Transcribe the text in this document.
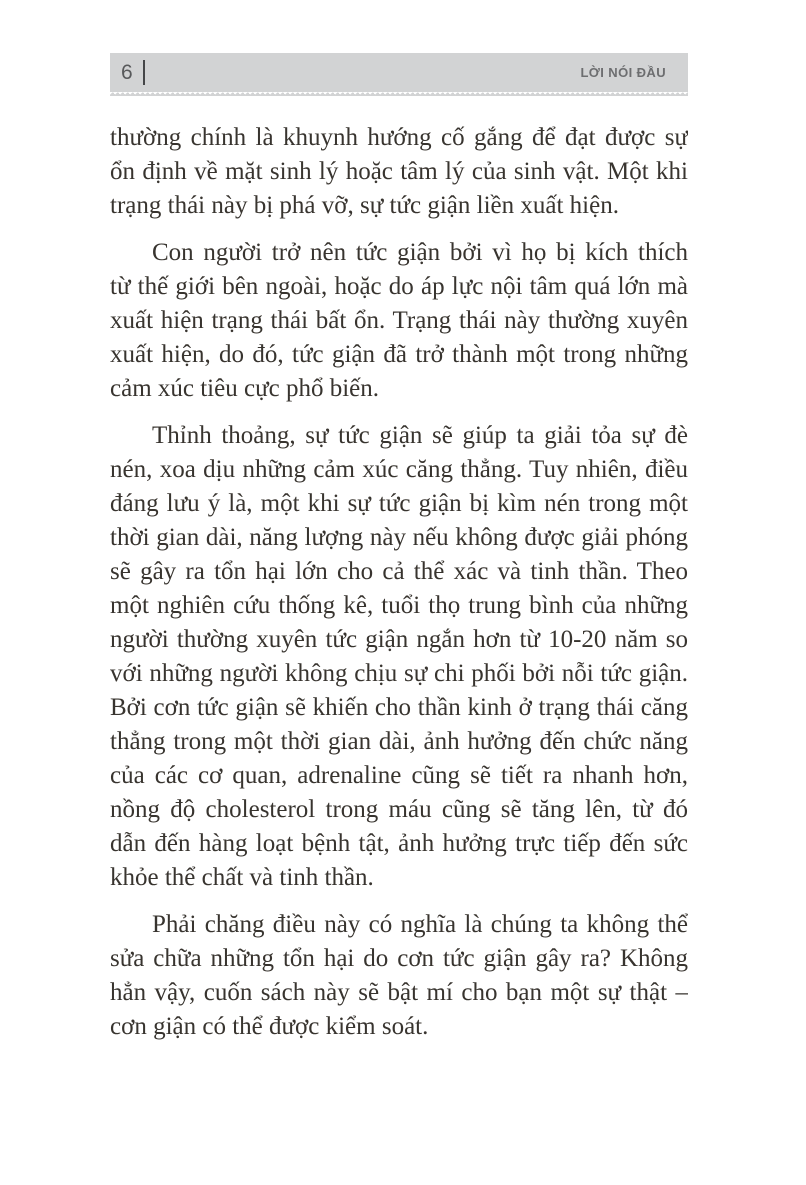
6	LỜI NÓI ĐẦU
thường chính là khuynh hướng cố gắng để đạt được sự
ổn định về mặt sinh lý hoặc tâm lý của sinh vật. Một khi
trạng thái này bị phá vỡ, sự tức giận liền xuất hiện.
Con người trở nên tức giận bởi vì họ bị kích thích
từ thế giới bên ngoài, hoặc do áp lực nội tâm quá lớn mà
xuất hiện trạng thái bất ổn. Trạng thái này thường xuyên
xuất hiện, do đó, tức giận đã trở thành một trong những
cảm xúc tiêu cực phổ biến.
Thỉnh thoảng, sự tức giận sẽ giúp ta giải tỏa sự đè
nén, xoa dịu những cảm xúc căng thẳng. Tuy nhiên, điều
đáng lưu ý là, một khi sự tức giận bị kìm nén trong một
thời gian dài, năng lượng này nếu không được giải phóng
sẽ gây ra tổn hại lớn cho cả thể xác và tinh thần. Theo
một nghiên cứu thống kê, tuổi thọ trung bình của những
người thường xuyên tức giận ngắn hơn từ 10-20 năm so
với những người không chịu sự chi phối bởi nỗi tức giận.
Bởi cơn tức giận sẽ khiến cho thần kinh ở trạng thái căng
thẳng trong một thời gian dài, ảnh hưởng đến chức năng
của các cơ quan, adrenaline cũng sẽ tiết ra nhanh hơn,
nồng độ cholesterol trong máu cũng sẽ tăng lên, từ đó
dẫn đến hàng loạt bệnh tật, ảnh hưởng trực tiếp đến sức
khỏe thể chất và tinh thần.
Phải chăng điều này có nghĩa là chúng ta không thể
sửa chữa những tổn hại do cơn tức giận gây ra? Không
hẳn vậy, cuốn sách này sẽ bật mí cho bạn một sự thật –
cơn giận có thể được kiểm soát.
